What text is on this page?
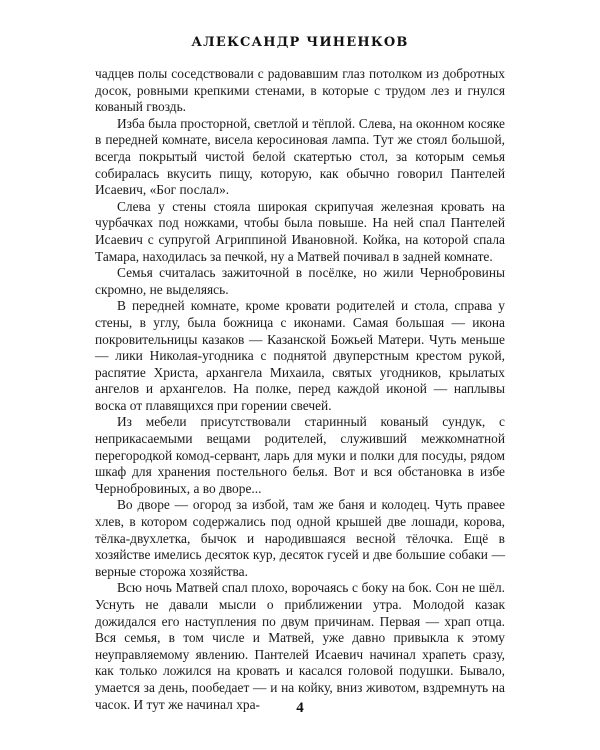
АЛЕКСАНДР ЧИНЕНКОВ

чадцев полы соседствовали с радовавшим глаз потолком из добротных досок, ровными крепкими стенами, в которые с трудом лез и гнулся кованый гвоздь.

Изба была просторной, светлой и тёплой. Слева, на оконном косяке в передней комнате, висела керосиновая лампа. Тут же стоял большой, всегда покрытый чистой белой скатертью стол, за которым семья собиралась вкусить пищу, которую, как обычно говорил Пантелей Исаевич, «Бог послал».

Слева у стены стояла широкая скрипучая железная кровать на чурбачках под ножками, чтобы была повыше. На ней спал Пантелей Исаевич с супругой Агриппиной Ивановной. Койка, на которой спала Тамара, находилась за печкой, ну а Матвей почивал в задней комнате.

Семья считалась зажиточной в посёлке, но жили Чернобровины скромно, не выделяясь.

В передней комнате, кроме кровати родителей и стола, справа у стены, в углу, была божница с иконами. Самая большая — икона покровительницы казаков — Казанской Божьей Матери. Чуть меньше — лики Николая-угодника с поднятой двуперстным крестом рукой, распятие Христа, архангела Михаила, святых угодников, крылатых ангелов и архангелов. На полке, перед каждой иконой — наплывы воска от плавящихся при горении свечей.

Из мебели присутствовали старинный кованый сундук, с неприкасаемыми вещами родителей, служивший межкомнатной перегородкой комод-сервант, ларь для муки и полки для посуды, рядом шкаф для хранения постельного белья. Вот и вся обстановка в избе Чернобровиных, а во дворе...

Во дворе — огород за избой, там же баня и колодец. Чуть правее хлев, в котором содержались под одной крышей две лошади, корова, тёлка-двухлетка, бычок и народившаяся весной тёлочка. Ещё в хозяйстве имелись десяток кур, десяток гусей и две большие собаки — верные сторожа хозяйства.

Всю ночь Матвей спал плохо, ворочаясь с боку на бок. Сон не шёл. Уснуть не давали мысли о приближении утра. Молодой казак дожидался его наступления по двум причинам. Первая — храп отца. Вся семья, в том числе и Матвей, уже давно привыкла к этому неуправляемому явлению. Пантелей Исаевич начинал храпеть сразу, как только ложился на кровать и касался головой подушки. Бывало, умается за день, пообедает — и на койку, вниз животом, вздремнуть на часок. И тут же начинал хра-	4
